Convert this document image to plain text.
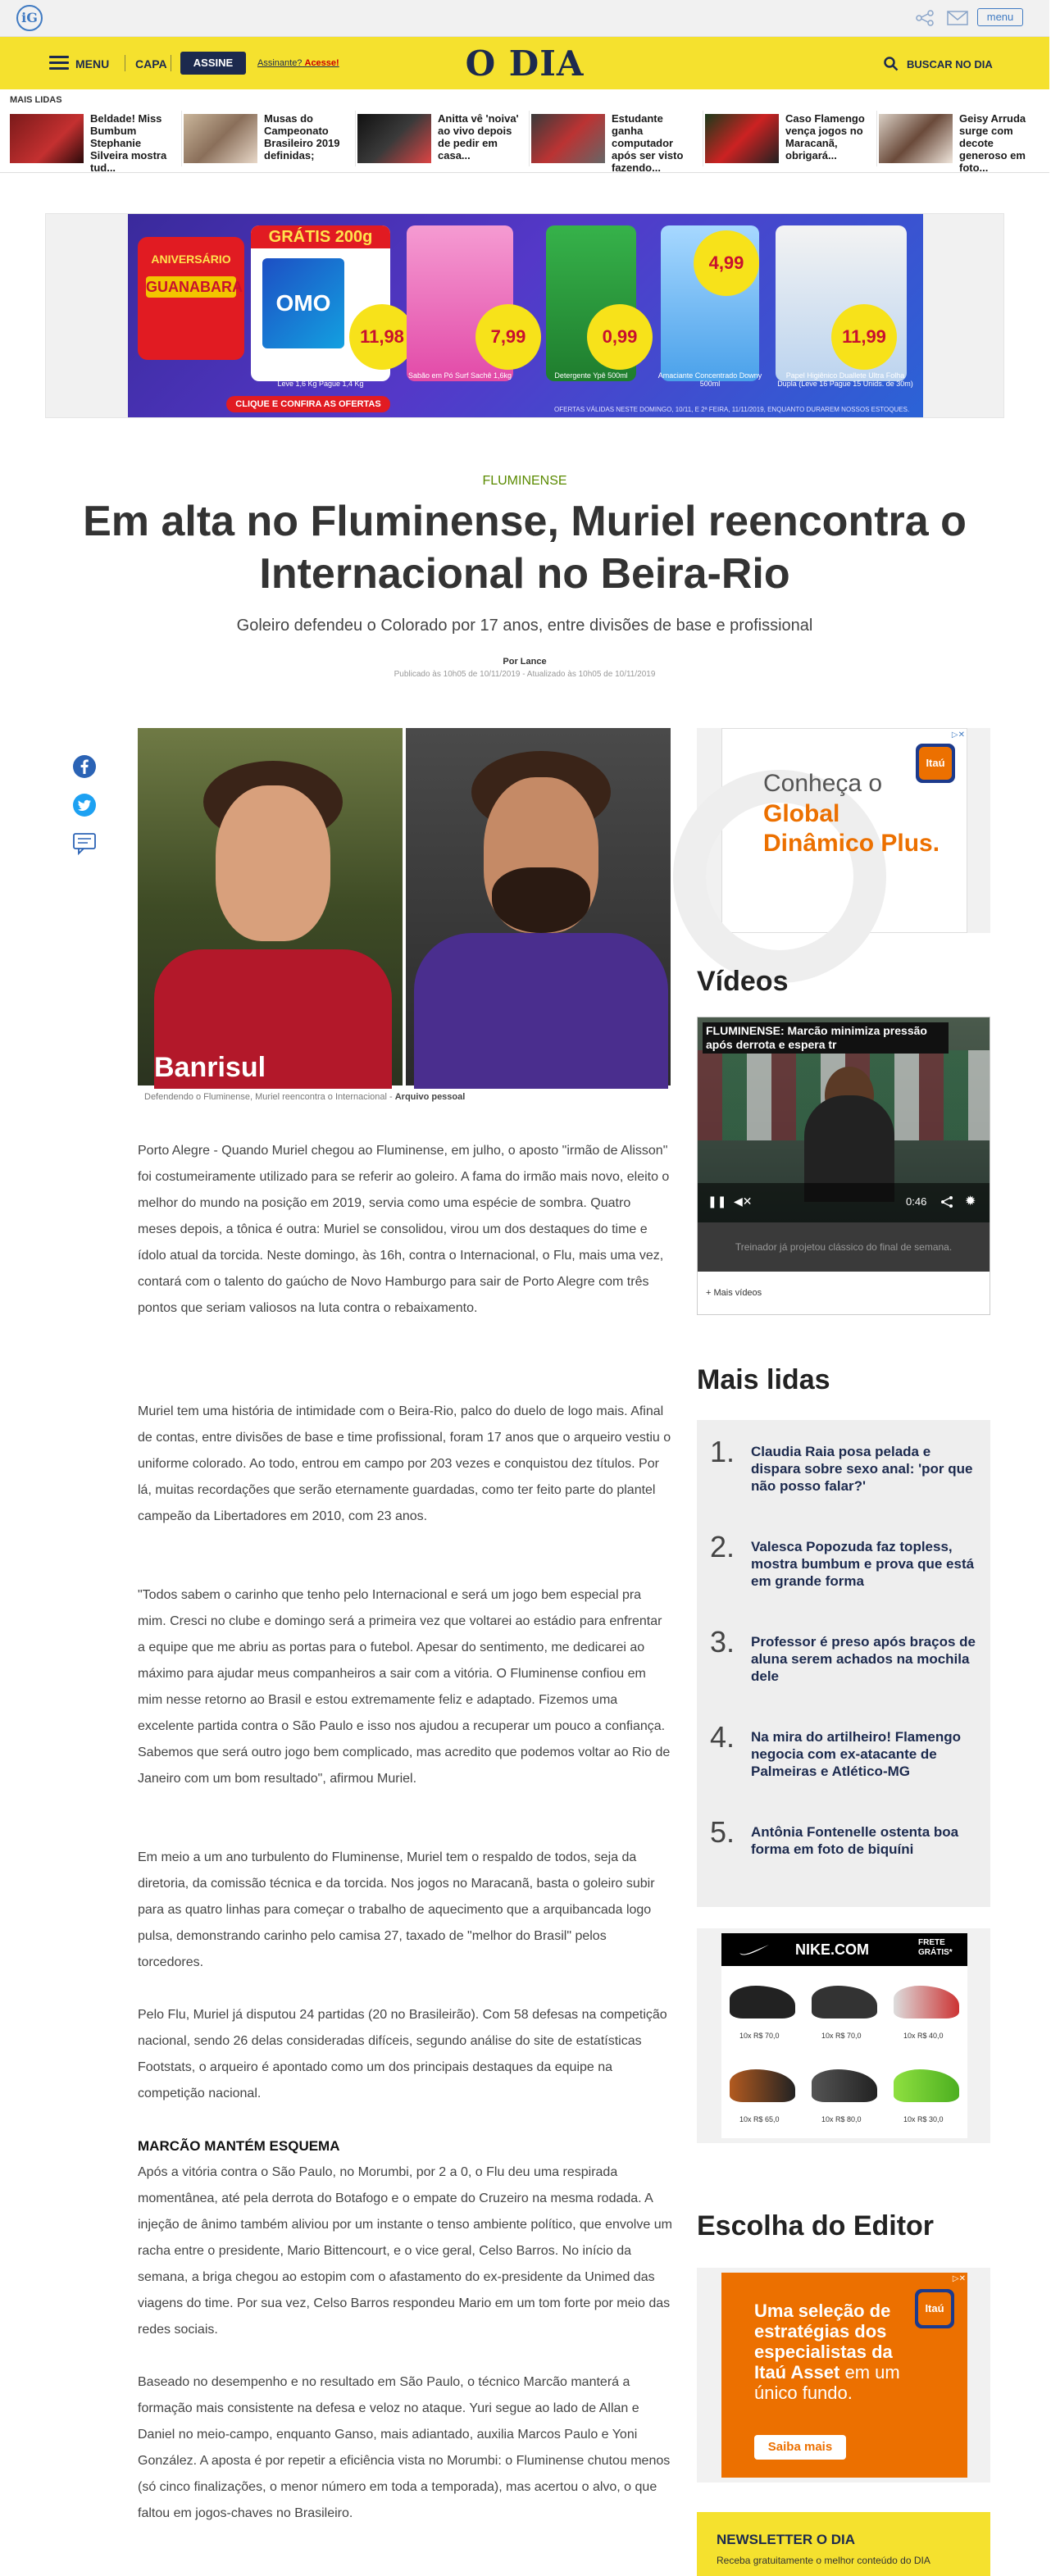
iG	menu
MENU CAPA	ASSINE	Assinante? Acesse!	O DIA	BUSCAR NO DIA
MAIS LIDAS
Beldade! Miss Bumbum Stephanie Silveira mostra tud...
Musas do Campeonato Brasileiro 2019 definidas;
Anitta vê 'noiva' ao vivo depois de pedir em casa...
Estudante ganha computador após ser visto fazendo...
Caso Flamengo vença jogos no Maracanã, obrigará...
Geisy Arruda surge com decote generoso em foto...
ANIVERSÁRIO
GUANABARA
GRÁTIS 200g
OMO
11,98	7,99	0,99
4,99
11,99
Sabão em pó Omo Lavagem Perfeita Leve 1,6 Kg Pague 1,4 Kg
Sabão em Pó Surf Sachê 1,6kg	Detergente Ypê 500ml	Amaciante Concentrado Downy 500ml
Papel Higiênico Duallete Ultra Folha Dupla (Leve 16 Pague 15 Unids. de 30m)
CLIQUE E CONFIRA AS OFERTAS
OFERTAS VÁLIDAS NESTE DOMINGO, 10/11, E 2ª FEIRA, 11/11/2019, ENQUANTO DURAREM NOSSOS ESTOQUES.
FLUMINENSE
Em alta no Fluminense, Muriel reencontra o Internacional no Beira-Rio
Goleiro defendeu o Colorado por 17 anos, entre divisões de base e profissional
Por Lance
Publicado às 10h05 de 10/11/2019 - Atualizado às 10h05 de 10/11/2019
Banrisul
Defendendo o Fluminense, Muriel reencontra o Internacional - Arquivo pessoal

Porto Alegre - Quando Muriel chegou ao Fluminense, em julho, o aposto "irmão de Alisson" foi costumeiramente utilizado para se referir ao goleiro. A fama do irmão mais novo, eleito o melhor do mundo na posição em 2019, servia como uma espécie de sombra. Quatro meses depois, a tônica é outra: Muriel se consolidou, virou um dos destaques do time e ídolo atual da torcida. Neste domingo, às 16h, contra o Internacional, o Flu, mais uma vez, contará com o talento do gaúcho de Novo Hamburgo para sair de Porto Alegre com três pontos que seriam valiosos na luta contra o rebaixamento.

Muriel tem uma história de intimidade com o Beira-Rio, palco do duelo de logo mais. Afinal de contas, entre divisões de base e time profissional, foram 17 anos que o arqueiro vestiu o uniforme colorado. Ao todo, entrou em campo por 203 vezes e conquistou dez títulos. Por lá, muitas recordações que serão eternamente guardadas, como ter feito parte do plantel campeão da Libertadores em 2010, com 23 anos.

"Todos sabem o carinho que tenho pelo Internacional e será um jogo bem especial pra mim. Cresci no clube e domingo será a primeira vez que voltarei ao estádio para enfrentar a equipe que me abriu as portas para o futebol. Apesar do sentimento, me dedicarei ao máximo para ajudar meus companheiros a sair com a vitória. O Fluminense confiou em mim nesse retorno ao Brasil e estou extremamente feliz e adaptado. Fizemos uma excelente partida contra o São Paulo e isso nos ajudou a recuperar um pouco a confiança. Sabemos que será outro jogo bem complicado, mas acredito que podemos voltar ao Rio de Janeiro com um bom resultado", afirmou Muriel.

Em meio a um ano turbulento do Fluminense, Muriel tem o respaldo de todos, seja da diretoria, da comissão técnica e da torcida. Nos jogos no Maracanã, basta o goleiro subir para as quatro linhas para começar o trabalho de aquecimento que a arquibancada logo pulsa, demonstrando carinho pelo camisa 27, taxado de "melhor do Brasil" pelos torcedores.

Pelo Flu, Muriel já disputou 24 partidas (20 no Brasileirão). Com 58 defesas na competição nacional, sendo 26 delas consideradas difíceis, segundo análise do site de estatísticas Footstats, o arqueiro é apontado como um dos principais destaques da equipe na competição nacional.

MARCÃO MANTÉM ESQUEMA

Após a vitória contra o São Paulo, no Morumbi, por 2 a 0, o Flu deu uma respirada momentânea, até pela derrota do Botafogo e o empate do Cruzeiro na mesma rodada. A injeção de ânimo também aliviou por um instante o tenso ambiente político, que envolve um racha entre o presidente, Mario Bittencourt, e o vice geral, Celso Barros. No início da semana, a briga chegou ao estopim com o afastamento do ex-presidente da Unimed das viagens do time. Por sua vez, Celso Barros respondeu Mario em um tom forte por meio das redes sociais.

Baseado no desempenho e no resultado em São Paulo, o técnico Marcão manterá a formação mais consistente na defesa e veloz no ataque. Yuri segue ao lado de Allan e Daniel no meio-campo, enquanto Ganso, mais adiantado, auxilia Marcos Paulo e Yoni González. A aposta é por repetir a eficiência vista no Morumbi: o Fluminense chutou menos (só cinco finalizações, o menor número em toda a temporada), mas acertou o alvo, o que faltou em jogos-chaves no Brasileiro.

Conheça o
Global Dinâmico Plus.
Itaú
▷✕
Vídeos
FLUMINENSE: Marcão minimiza pressão após derrota e espera tr
❚❚ ◀✕	0:46	✹
Treinador já projetou clássico do final de semana.
+ Mais vídeos
Mais lidas
1. Claudia Raia posa pelada e dispara sobre sexo anal: 'por que não posso falar?'
2. Valesca Popozuda faz topless, mostra bumbum e prova que está em grande forma
3. Professor é preso após braços de aluna serem achados na mochila dele
4. Na mira do artilheiro! Flamengo negocia com ex-atacante de Palmeiras e Atlético-MG
5. Antônia Fontenelle ostenta boa forma em foto de biquíni
NIKE.COM	FRETE GRÁTIS*
10x R$ 70,0	10x R$ 70,0	10x R$ 40,0
10x R$ 65,0	10x R$ 80,0	10x R$ 30,0
Escolha do Editor
Uma seleção de estratégias dos especialistas da Itaú Asset em um único fundo.
Itaú
Saiba mais
▷✕
NEWSLETTER O DIA
Receba gratuitamente o melhor conteúdo do DIA
